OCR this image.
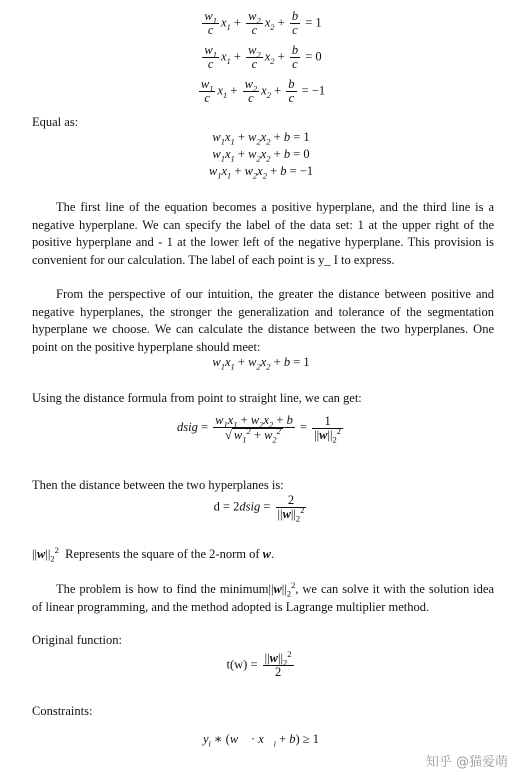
$\frac{w_1}{c} x_1 + \frac{w_2}{c} x_2 + \frac{b}{c} = 1$
$\frac{w_1}{c} x_1 + \frac{w_2}{c} x_2 + \frac{b}{c} = 0$
$\frac{w_1}{c} x_1 + \frac{w_2}{c} x_2 + \frac{b}{c} = -1$
Equal as:
$w_1x_1 + w_2x_2 + b = 1$
$w_1x_1 + w_2x_2 + b = 0$
$w_1x_1 + w_2x_2 + b = -1$
The first line of the equation becomes a positive hyperplane, and the third line is a negative hyperplane. We can specify the label of the data set: 1 at the upper right of the positive hyperplane and - 1 at the lower left of the negative hyperplane. This provision is convenient for our calculation. The label of each point is y_ I to express.
From the perspective of our intuition, the greater the distance between positive and negative hyperplanes, the stronger the generalization and tolerance of the segmentation hyperplane we choose. We can calculate the distance between the two hyperplanes. One point on the positive hyperplane should meet:
$w_1x_1 + w_2x_2 + b = 1$
Using the distance formula from point to straight line, we can get:
dsig = $\frac{w_1x_1 + w_2x_2 + b}{√ w_1^2 + w_2^2} = \frac{1}{||w||_2^2}$
Then the distance between the two hyperplanes is:
d = 2dsig = $\frac{2}{||w||_2^2}$
$||w||_2^2$ Represents the square of the 2-norm of w.
The problem is how to find the $minimum||w||_2^2$, we can solve it with the solution idea of linear programming, and the method adopted is Lagrange multiplier method.
Original function:
$t(w) = \frac{||w||_2^2}{2}$
Constraints:
$y_i$ ∗ (w⃗ · $x⃗_i + b) \ge 1$
知乎 @猫爱萌
